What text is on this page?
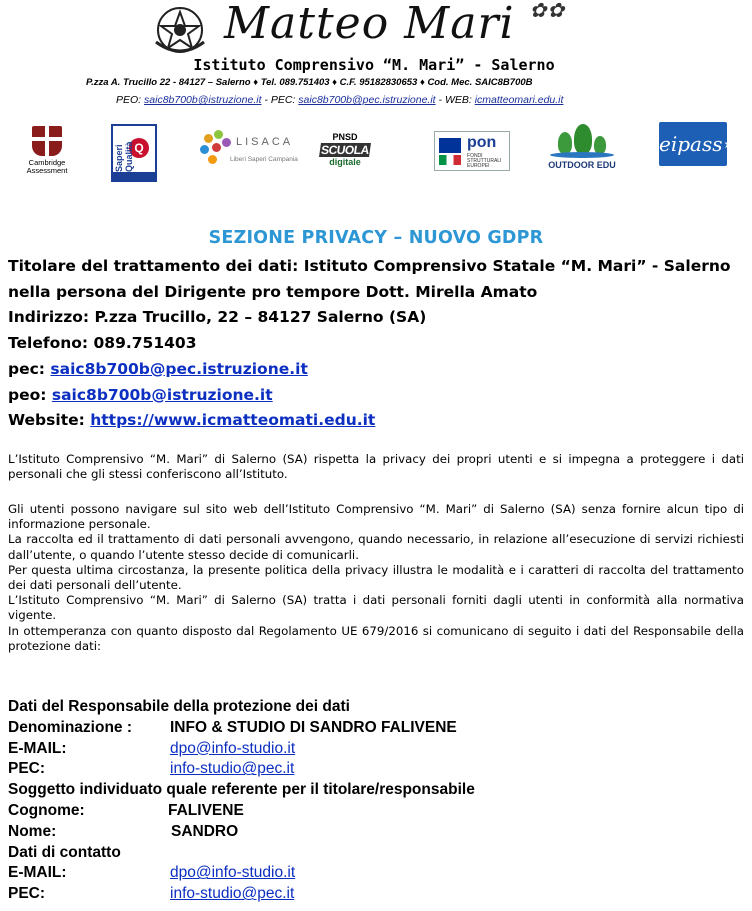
Matteo Mari ✿✿
Istituto Comprensivo “M. Mari” - Salerno
P.zza A. Trucillo 22 - 84127 – Salerno ♦ Tel. 089.751403 ♦ C.F. 95182830653 ♦ Cod. Mec. SAIC8B700B
PEO: saic8b700b@istruzione.it - PEC: saic8b700b@pec.istruzione.it - WEB: icmatteomari.edu.it
Cambridge Assessment
Q
Saperi Qualità	LISACA
Liberi Saperi Campania
PNSD
SCUOLA
digitale
pon
FONDI STRUTTURALI EUROPEI	OUTDOOR EDU
eipass★
SEZIONE PRIVACY – NUOVO GDPR
Titolare del trattamento dei dati: Istituto Comprensivo Statale “M. Mari” - Salerno
nella persona del Dirigente pro tempore Dott. Mirella Amato
Indirizzo: P.zza Trucillo, 22 – 84127 Salerno (SA)
Telefono: 089.751403
pec: saic8b700b@pec.istruzione.it
peo: saic8b700b@istruzione.it
Website: https://www.icmatteomati.edu.it

L’Istituto Comprensivo “M. Mari” di Salerno (SA) rispetta la privacy dei propri utenti e si impegna a proteggere i dati personali che gli stessi conferiscono all’Istituto.

Gli utenti possono navigare sul sito web dell’Istituto Comprensivo “M. Mari” di Salerno (SA) senza fornire alcun tipo di informazione personale.
La raccolta ed il trattamento di dati personali avvengono, quando necessario, in relazione all’esecuzione di servizi richiesti dall’utente, o quando l’utente stesso decide di comunicarli.
Per questa ultima circostanza, la presente politica della privacy illustra le modalità e i caratteri di raccolta del trattamento dei dati personali dell’utente.
L’Istituto Comprensivo “M. Mari” di Salerno (SA) tratta i dati personali forniti dagli utenti in conformità alla normativa vigente.
In ottemperanza con quanto disposto dal Regolamento UE 679/2016 si comunicano di seguito i dati del Responsabile della protezione dati:

Dati del Responsabile della protezione dei dati
Denominazione : INFO & STUDIO DI SANDRO FALIVENE
E-MAIL:	dpo@info-studio.it
PEC:	info-studio@pec.it
Soggetto individuato quale referente per il titolare/responsabile
Cognome:	FALIVENE
Nome:	SANDRO
Dati di contatto
E-MAIL:	dpo@info-studio.it
PEC:	info-studio@pec.it
